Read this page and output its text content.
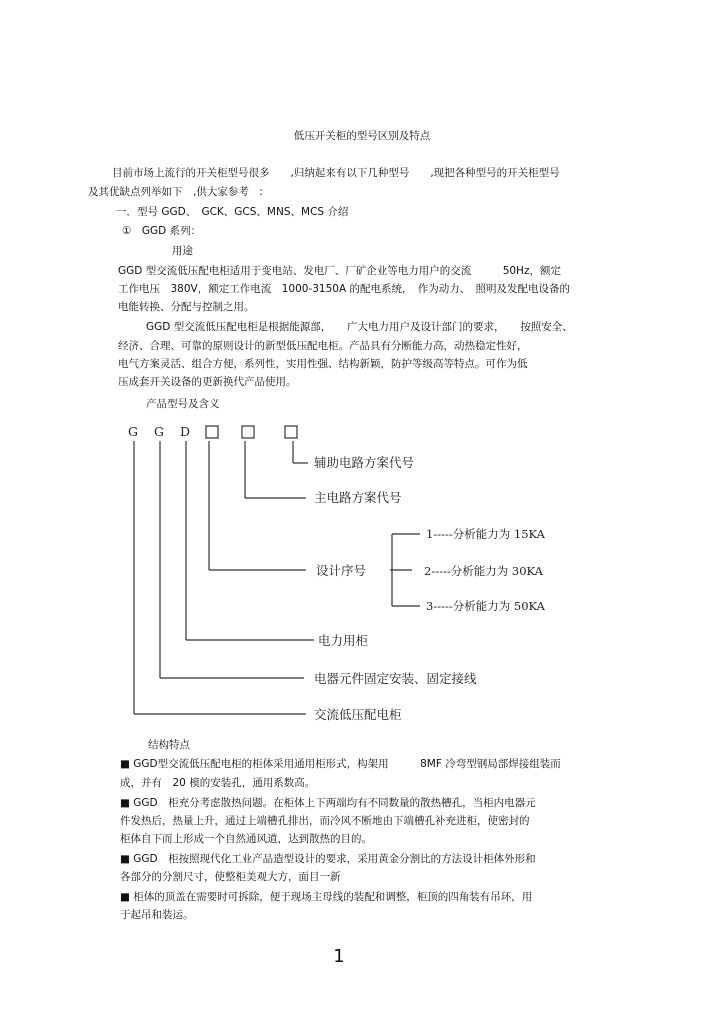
低压开关柜的型号区别及特点
目前市场上流行的开关柜型号很多　　,归纳起来有以下几种型号　　,现把各种型号的开关柜型号
及其优缺点列举如下　,供大家参考　:
一．型号 GGD、　GCK、GCS、MNS、MCS 介绍
①　GGD 系列：
用途
GGD 型交流低压配电柜适用于变电站、发电厂、厂矿企业等电力用户的交流　　　50Hz，额定
工作电压　380V，额定工作电流　1000-3150A 的配电系统，　作为动力、　照明及发配电设备的
电能转换、分配与控制之用。
GGD 型交流低压配电柜是根据能源部，　　广大电力用户及设计部门的要求，　　按照安全、
经济、合理、可靠的原则设计的新型低压配电柜。产品具有分断能力高，动热稳定性好，
电气方案灵活、组合方便，系列性，实用性强、结构新颖，防护等级高等特点。可作为低
压成套开关设备的更新换代产品使用。
产品型号及含义
G G D
辅助电路方案代号
主电路方案代号
设计序号
电力用柜
电器元件固定安装、固定接线
交流低压配电柜
1-----分析能力为 15KA
2-----分析能力为 30KA
3-----分析能力为 50KA
结构特点
■ GGD型交流低压配电柜的柜体采用通用柜形式，构架用　　　8MF 冷弯型钢局部焊接组装而
成，并有　20 模的安装孔，通用系数高。
■ GGD　柜充分考虑散热问题。在柜体上下两端均有不同数量的散热槽孔，当柜内电器元
件发热后，热量上升，通过上端槽孔排出，而冷风不断地由下端槽孔补充进柜，使密封的
柜体自下而上形成一个自然通风道，达到散热的目的。
■ GGD　柜按照现代化工业产品造型设计的要求，采用黄金分割比的方法设计柜体外形和
各部分的分割尺寸，使整柜美观大方，面目一新
■ 柜体的顶盖在需要时可拆除，便于现场主母线的装配和调整，柜顶的四角装有吊环，用
于起吊和装运。
1
